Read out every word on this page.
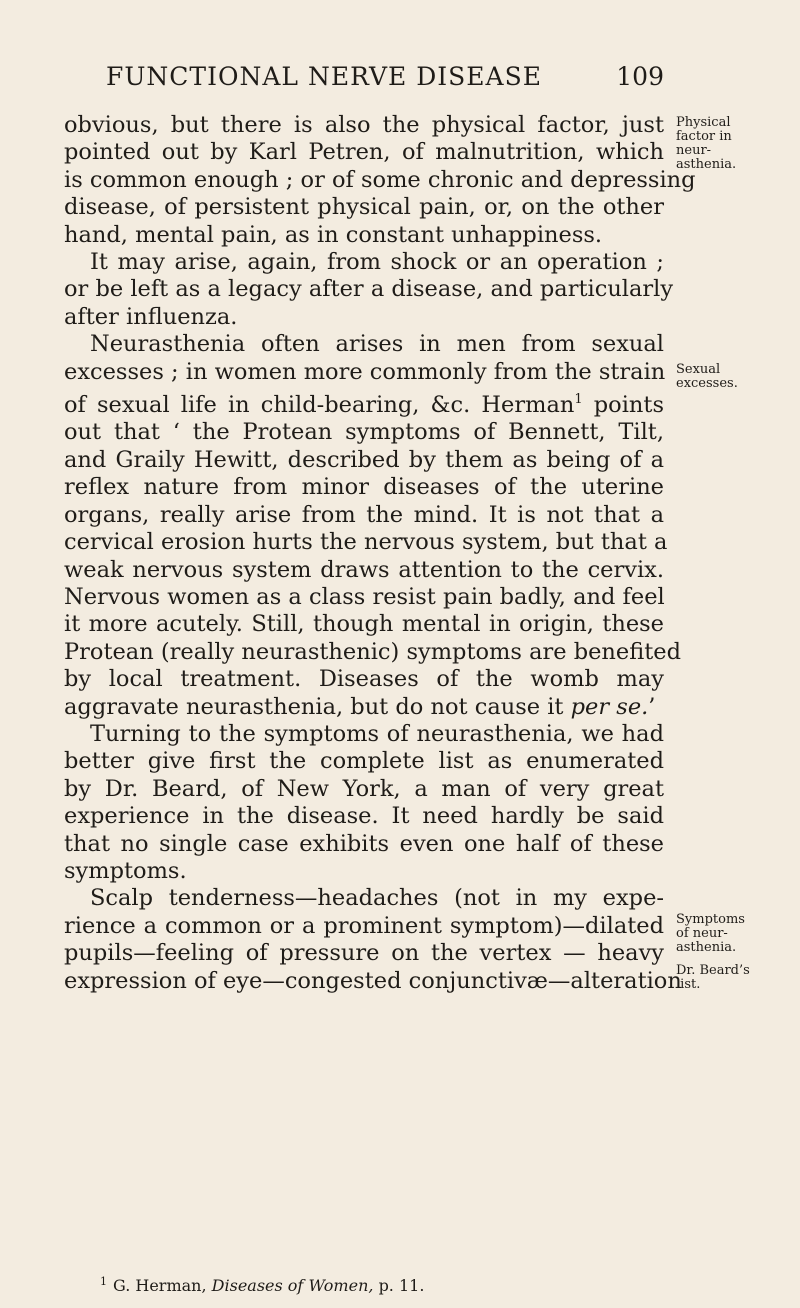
FUNCTIONAL NERVE DISEASE	109
obvious, but there is also the physical factor, just
pointed out by Karl Petren, of malnutrition, which
is common enough ; or of some chronic and depressing
disease, of persistent physical pain, or, on the other
hand, mental pain, as in constant unhappiness.
It may arise, again, from shock or an operation ;
or be left as a legacy after a disease, and particularly
after influenza.
Neurasthenia often arises in men from sexual
excesses ; in women more commonly from the strain
of sexual life in child-bearing, &c. Herman$^1$ points
out that ‘ the Protean symptoms of Bennett, Tilt,
and Graily Hewitt, described by them as being of a
reflex nature from minor diseases of the uterine
organs, really arise from the mind. It is not that a
cervical erosion hurts the nervous system, but that a
weak nervous system draws attention to the cervix.
Nervous women as a class resist pain badly, and feel
it more acutely. Still, though mental in origin, these
Protean (really neurasthenic) symptoms are benefited
by local treatment. Diseases of the womb may
aggravate neurasthenia, but do not cause it per se.’
Turning to the symptoms of neurasthenia, we had
better give first the complete list as enumerated
by Dr. Beard, of New York, a man of very great
experience in the disease. It need hardly be said
that no single case exhibits even one half of these
symptoms.
Scalp tenderness—headaches (not in my expe-
rience a common or a prominent symptom)—dilated
pupils—feeling of pressure on the vertex — heavy
expression of eye—congested conjunctivæ—alteration
Physical
factor in
neur-
asthenia.
Sexual
excesses.
Symptoms
of neur-
asthenia.
Dr. Beard’s
list.
$^1$ G. Herman, Diseases of Women, p. 11.
